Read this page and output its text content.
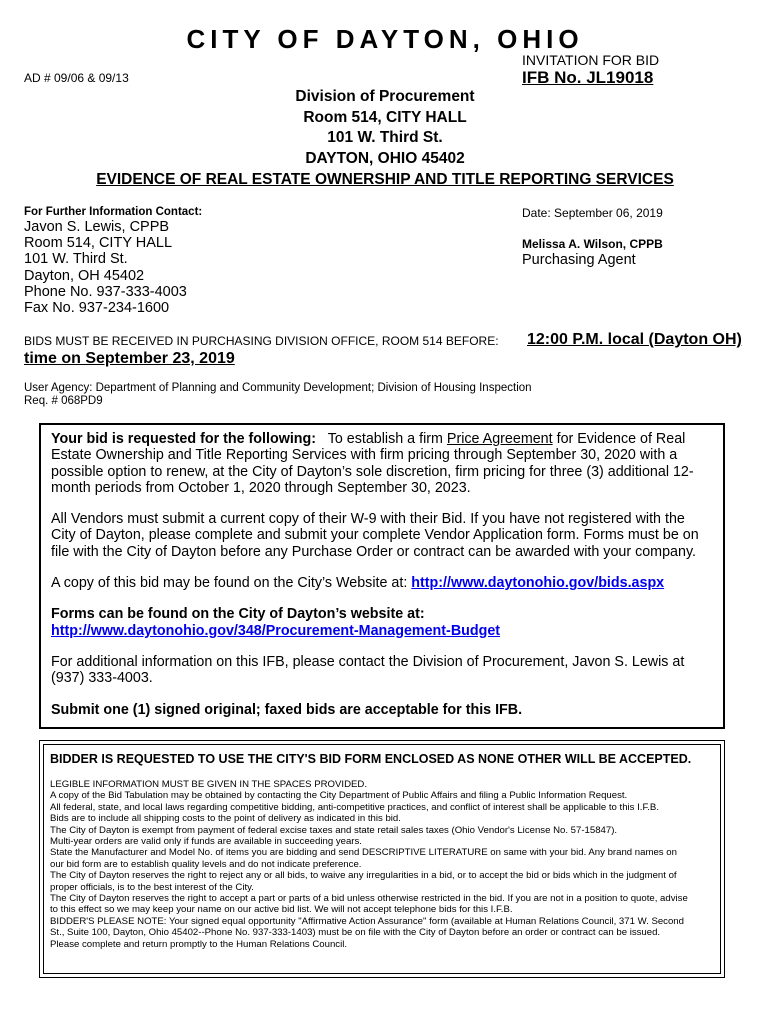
CITY OF DAYTON, OHIO
INVITATION FOR BID
IFB No. JL19018
AD # 09/06 & 09/13
Division of Procurement
Room 514, CITY HALL
101 W. Third St.
DAYTON, OHIO 45402
EVIDENCE OF REAL ESTATE OWNERSHIP AND TITLE REPORTING SERVICES
For Further Information Contact:
Javon S. Lewis, CPPB
Room 514, CITY HALL
101 W. Third St.
Dayton, OH 45402
Phone No. 937-333-4003
Fax No. 937-234-1600
Date: September 06, 2019
Melissa A. Wilson, CPPB
Purchasing Agent
BIDS MUST BE RECEIVED IN PURCHASING DIVISION OFFICE, ROOM 514 BEFORE: 12:00 P.M. local (Dayton OH)
time on September 23, 2019
User Agency: Department of Planning and Community Development; Division of Housing Inspection
Req. # 068PD9

Your bid is requested for the following: To establish a firm Price Agreement for Evidence of Real Estate Ownership and Title Reporting Services with firm pricing through September 30, 2020 with a possible option to renew, at the City of Dayton’s sole discretion, firm pricing for three (3) additional 12-month periods from October 1, 2020 through September 30, 2023.

All Vendors must submit a current copy of their W-9 with their Bid. If you have not registered with the City of Dayton, please complete and submit your complete Vendor Application form. Forms must be on file with the City of Dayton before any Purchase Order or contract can be awarded with your company.

A copy of this bid may be found on the City’s Website at: http://www.daytonohio.gov/bids.aspx

Forms can be found on the City of Dayton’s website at: http://www.daytonohio.gov/348/Procurement-Management-Budget

For additional information on this IFB, please contact the Division of Procurement, Javon S. Lewis at (937) 333-4003.

Submit one (1) signed original; faxed bids are acceptable for this IFB.

BIDDER IS REQUESTED TO USE THE CITY'S BID FORM ENCLOSED AS NONE OTHER WILL BE ACCEPTED.
LEGIBLE INFORMATION MUST BE GIVEN IN THE SPACES PROVIDED.
A copy of the Bid Tabulation may be obtained by contacting the City Department of Public Affairs and filing a Public Information Request.
All federal, state, and local laws regarding competitive bidding, anti-competitive practices, and conflict of interest shall be applicable to this I.F.B.
Bids are to include all shipping costs to the point of delivery as indicated in this bid.
The City of Dayton is exempt from payment of federal excise taxes and state retail sales taxes (Ohio Vendor's License No. 57-15847).
Multi-year orders are valid only if funds are available in succeeding years.
State the Manufacturer and Model No. of items you are bidding and send DESCRIPTIVE LITERATURE on same with your bid. Any brand names on
our bid form are to establish quality levels and do not indicate preference.
The City of Dayton reserves the right to reject any or all bids, to waive any irregularities in a bid, or to accept the bid or bids which in the judgment of
proper officials, is to the best interest of the City.
The City of Dayton reserves the right to accept a part or parts of a bid unless otherwise restricted in the bid. If you are not in a position to quote, advise
to this effect so we may keep your name on our active bid list. We will not accept telephone bids for this I.F.B.
BIDDER'S PLEASE NOTE: Your signed equal opportunity "Affirmative Action Assurance" form (available at Human Relations Council, 371 W. Second
St., Suite 100, Dayton, Ohio 45402--Phone No. 937-333-1403) must be on file with the City of Dayton before an order or contract can be issued.
Please complete and return promptly to the Human Relations Council.
